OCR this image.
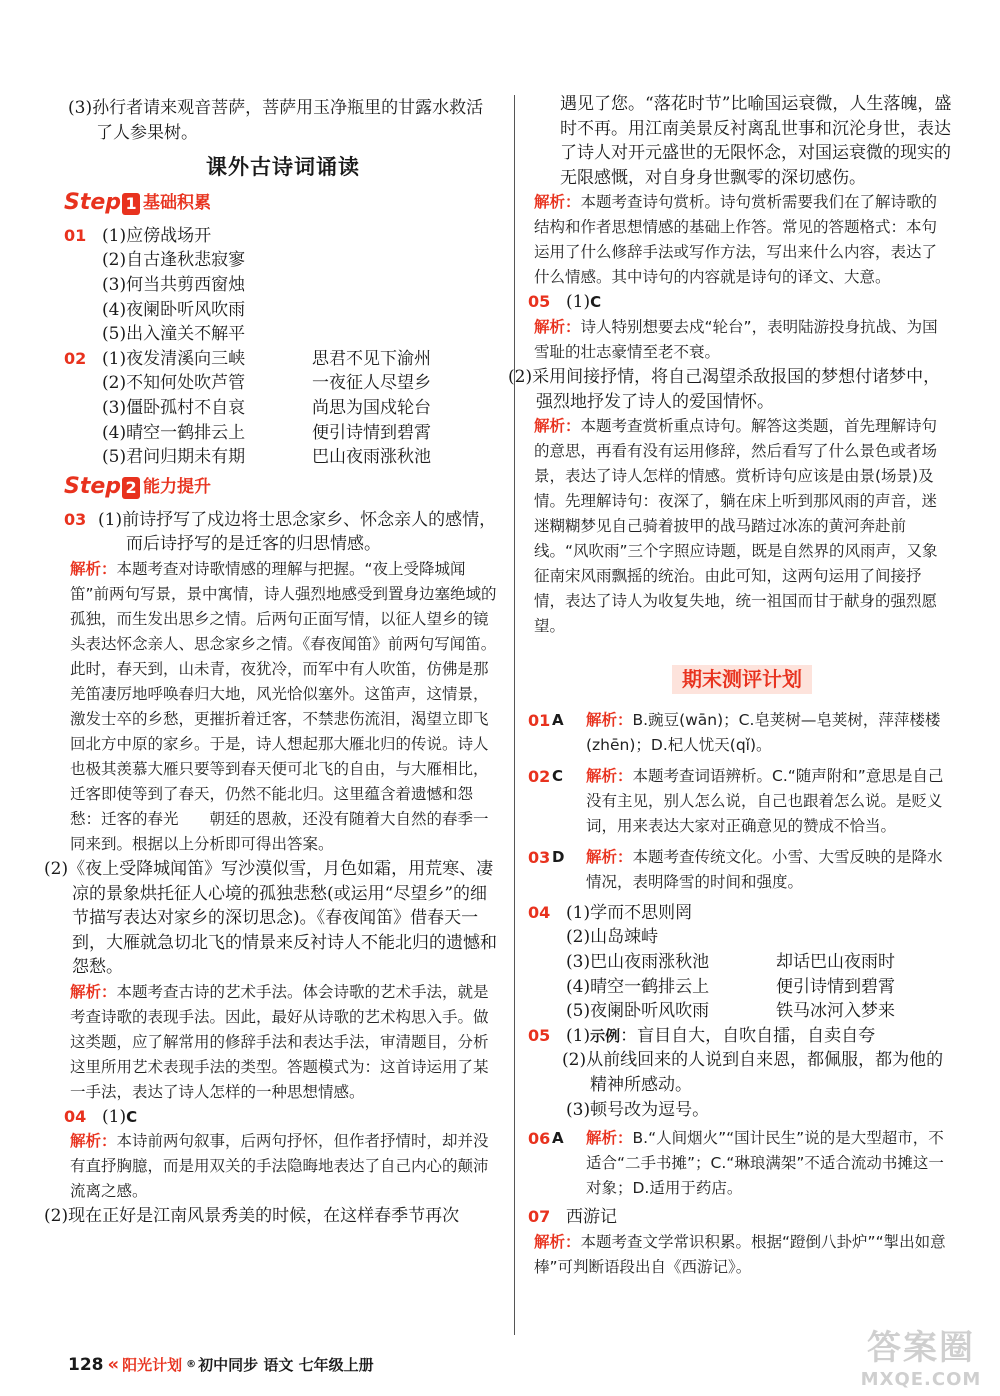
(3)孙行者请来观音菩萨，菩萨用玉净瓶里的甘露水救活了人参果树。
课外古诗词诵读
Step 1 基础积累
01 (1)应傍战场开
(2)自古逢秋悲寂寥
(3)何当共剪西窗烛
(4)夜阑卧听风吹雨
(5)出入潼关不解平
02 (1)夜发清溪向三峡	思君不见下渝州
(2)不知何处吹芦管	一夜征人尽望乡
(3)僵卧孤村不自哀	尚思为国戍轮台
(4)晴空一鹤排云上	便引诗情到碧霄
(5)君问归期未有期	巴山夜雨涨秋池
Step 2 能力提升
03 (1)前诗抒写了戍边将士思念家乡、怀念亲人的感情，而后诗抒写的是迁客的归思情感。
解析：本题考查对诗歌情感的理解与把握。“夜上受降城闻笛”前两句写景，景中寓情，诗人强烈地感受到置身边塞绝域的孤独，而生发出思乡之情。后两句正面写情，以征人望乡的镜头表达怀念亲人、思念家乡之情。《春夜闻笛》前两句写闻笛。此时，春天到，山未青，夜犹冷，而军中有人吹笛，仿佛是那羌笛凄厉地呼唤春归大地，风光恰似塞外。这笛声，这情景，激发士卒的乡愁，更摧折着迁客，不禁悲伤流泪，渴望立即飞回北方中原的家乡。于是，诗人想起那大雁北归的传说。诗人也极其羡慕大雁只要等到春天便可北飞的自由，与大雁相比，迁客即使等到了春天，仍然不能北归。这里蕴含着遗憾和怨愁：迁客的春光　　朝廷的恩赦，还没有随着大自然的春季一同来到。根据以上分析即可得出答案。
(2)《夜上受降城闻笛》写沙漠似雪，月色如霜，用荒寒、凄凉的景象烘托征人心境的孤独悲愁(或运用“尽望乡”的细节描写表达对家乡的深切思念)。《春夜闻笛》借春天一到，大雁就急切北飞的情景来反衬诗人不能北归的遗憾和怨愁。
解析：本题考查古诗的艺术手法。体会诗歌的艺术手法，就是考查诗歌的表现手法。因此，最好从诗歌的艺术构思入手。做这类题，应了解常用的修辞手法和表达手法，审清题目，分析这里所用艺术表现手法的类型。答题模式为：这首诗运用了某一手法，表达了诗人怎样的一种思想情感。
04 (1)C
解析：本诗前两句叙事，后两句抒怀，但作者抒情时，却并没有直抒胸臆，而是用双关的手法隐晦地表达了自己内心的颠沛流离之感。
(2)现在正好是江南风景秀美的时候，在这样春季节再次
遇见了您。“落花时节”比喻国运衰微，人生落魄，盛时不再。用江南美景反衬离乱世事和沉沦身世，表达了诗人对开元盛世的无限怀念，对国运衰微的现实的无限感慨，对自身身世飘零的深切感伤。
解析：本题考查诗句赏析。诗句赏析需要我们在了解诗歌的结构和作者思想情感的基础上作答。常见的答题格式：本句运用了什么修辞手法或写作方法，写出来什么内容，表达了什么情感。其中诗句的内容就是诗句的译文、大意。
05 (1)C
解析：诗人特别想要去戍“轮台”，表明陆游投身抗战、为国雪耻的壮志豪情至老不衰。
(2)采用间接抒情，将自己渴望杀敌报国的梦想付诸梦中，强烈地抒发了诗人的爱国情怀。
解析：本题考查赏析重点诗句。解答这类题，首先理解诗句的意思，再看有没有运用修辞，然后看写了什么景色或者场景，表达了诗人怎样的情感。赏析诗句应该是由景(场景)及情。先理解诗句：夜深了，躺在床上听到那风雨的声音，迷迷糊糊梦见自己骑着披甲的战马踏过冰冻的黄河奔赴前线。“风吹雨”三个字照应诗题，既是自然界的风雨声，又象征南宋风雨飘摇的统治。由此可知，这两句运用了间接抒情，表达了诗人为收复失地，统一祖国而甘于献身的强烈愿望。
期末测评计划
01 A 解析：B.豌豆(wān)；C.皂荚树—皂荚树，萍萍楼楼(zhēn)；D.杞人忧天(qǐ)。
02 C 解析：本题考查词语辨析。C.“随声附和”意思是自己没有主见，别人怎么说，自己也跟着怎么说。是贬义词，用来表达大家对正确意见的赞成不恰当。
03 D 解析：本题考查传统文化。小雪、大雪反映的是降水情况，表明降雪的时间和强度。
04 (1)学而不思则罔
(2)山岛竦峙
(3)巴山夜雨涨秋池	却话巴山夜雨时
(4)晴空一鹤排云上	便引诗情到碧霄
(5)夜阑卧听风吹雨	铁马冰河入梦来
05 (1)示例：盲目自大，自吹自擂，自卖自夸
(2)从前线回来的人说到自来恩，都佩服，都为他的精神所感动。
(3)顿号改为逗号。
06 A 解析：B.“人间烟火”“国计民生”说的是大型超市，不适合“二手书摊”；C.“琳琅满架”不适合流动书摊这一对象；D.适用于药店。
07 西游记
解析：本题考查文学常识积累。根据“蹬倒八卦炉”“掣出如意棒”可判断语段出自《西游记》。
128 « 阳光计划 ® 初中同步 语文 七年级上册	答案圈
MXQE.COM
